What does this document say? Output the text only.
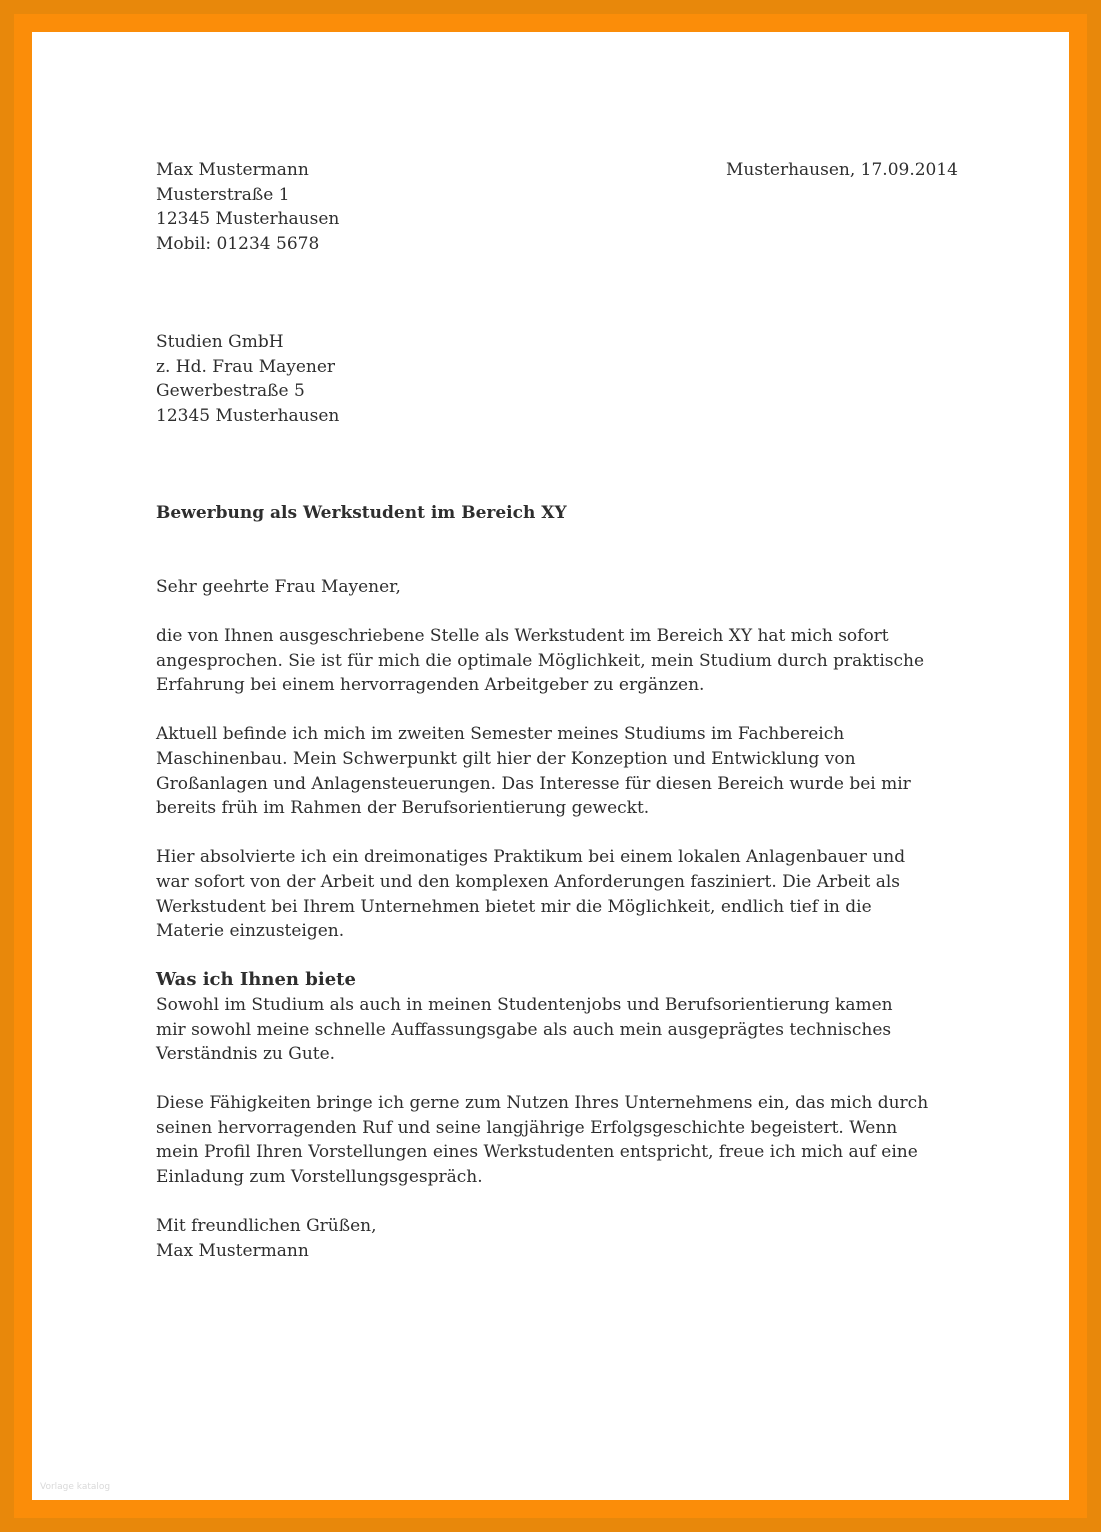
Max Mustermann
Musterstraße 1
12345 Musterhausen
Mobil: 01234 5678
Musterhausen, 17.09.2014
Studien GmbH
z. Hd. Frau Mayener
Gewerbestraße 5
12345 Musterhausen
Bewerbung als Werkstudent im Bereich XY
Sehr geehrte Frau Mayener,

die von Ihnen ausgeschriebene Stelle als Werkstudent im Bereich XY hat mich sofort
angesprochen. Sie ist für mich die optimale Möglichkeit, mein Studium durch praktische
Erfahrung bei einem hervorragenden Arbeitgeber zu ergänzen.

Aktuell befinde ich mich im zweiten Semester meines Studiums im Fachbereich
Maschinenbau. Mein Schwerpunkt gilt hier der Konzeption und Entwicklung von
Großanlagen und Anlagensteuerungen. Das Interesse für diesen Bereich wurde bei mir
bereits früh im Rahmen der Berufsorientierung geweckt.

Hier absolvierte ich ein dreimonatiges Praktikum bei einem lokalen Anlagenbauer und
war sofort von der Arbeit und den komplexen Anforderungen fasziniert. Die Arbeit als
Werkstudent bei Ihrem Unternehmen bietet mir die Möglichkeit, endlich tief in die
Materie einzusteigen.

Was ich Ihnen biete
Sowohl im Studium als auch in meinen Studentenjobs und Berufsorientierung kamen
mir sowohl meine schnelle Auffassungsgabe als auch mein ausgeprägtes technisches
Verständnis zu Gute.

Diese Fähigkeiten bringe ich gerne zum Nutzen Ihres Unternehmens ein, das mich durch
seinen hervorragenden Ruf und seine langjährige Erfolgsgeschichte begeistert. Wenn
mein Profil Ihren Vorstellungen eines Werkstudenten entspricht, freue ich mich auf eine
Einladung zum Vorstellungsgespräch.

Mit freundlichen Grüßen,
Max Mustermann

Vorlage katalog
